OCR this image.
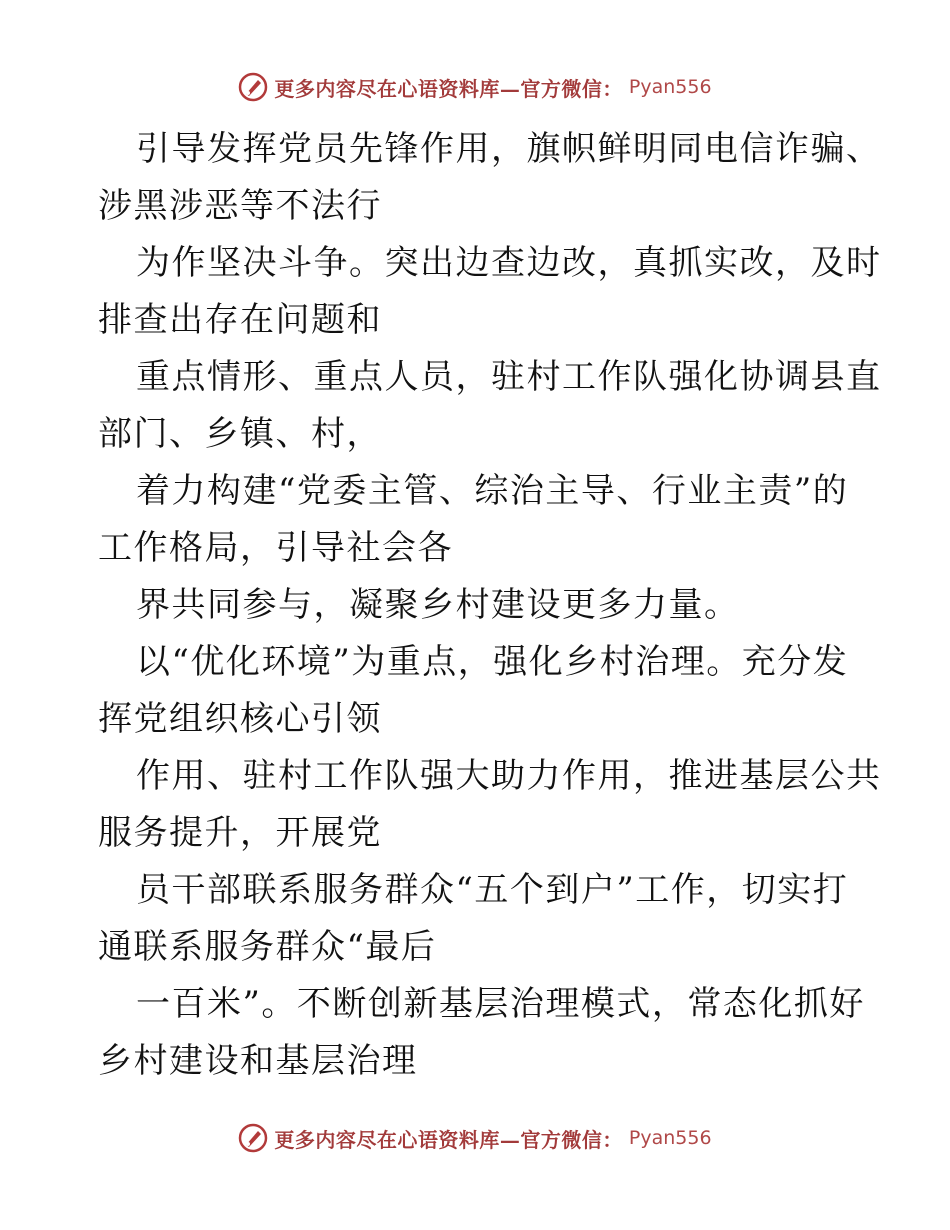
更多内容尽在心语资料库—官方微信： Pyan556
引导发挥党员先锋作用，旗帜鲜明同电信诈骗、
涉黑涉恶等不法行
为作坚决斗争。突出边查边改，真抓实改，及时
排查出存在问题和
重点情形、重点人员，驻村工作队强化协调县直
部门、乡镇、村，
着力构建“党委主管、综治主导、行业主责”的
工作格局，引导社会各
界共同参与，凝聚乡村建设更多力量。
以“优化环境”为重点，强化乡村治理。充分发
挥党组织核心引领
作用、驻村工作队强大助力作用，推进基层公共
服务提升，开展党
员干部联系服务群众“五个到户”工作，切实打
通联系服务群众“最后
一百米”。不断创新基层治理模式，常态化抓好
乡村建设和基层治理
更多内容尽在心语资料库—官方微信： Pyan556
